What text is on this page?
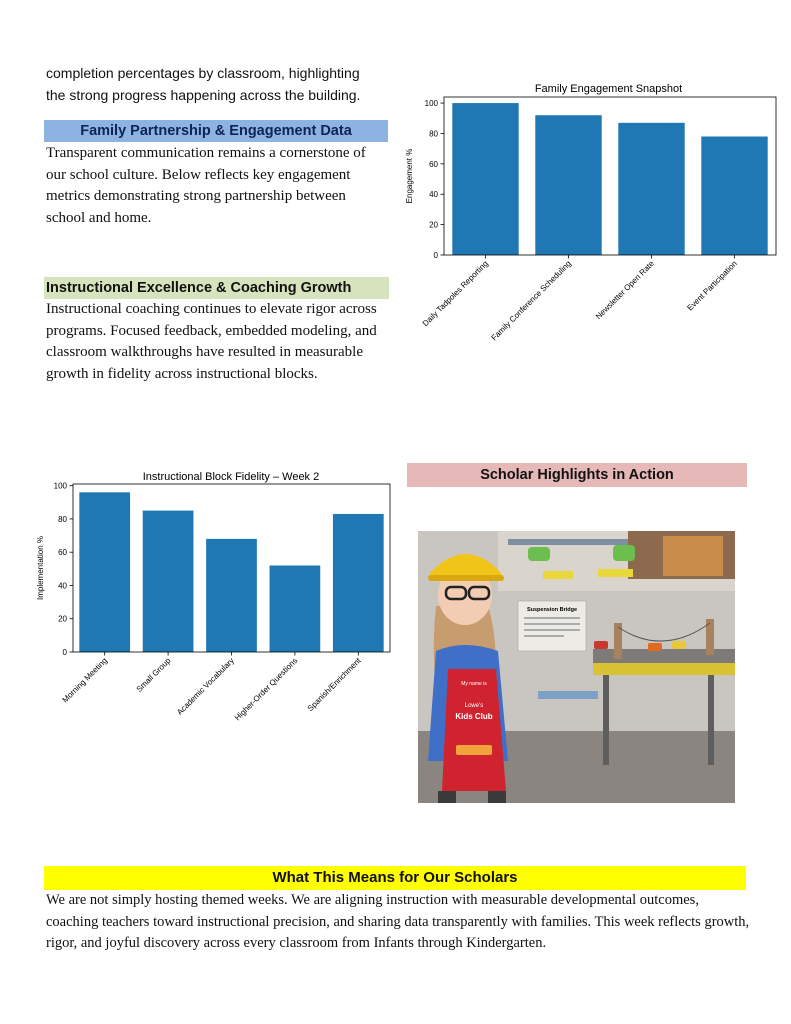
completion percentages by classroom, highlighting
the strong progress happening across the building.
Family Partnership & Engagement Data
Transparent communication remains a cornerstone of our school culture. Below reflects key engagement metrics demonstrating strong partnership between school and home.
Instructional Excellence & Coaching Growth
Instructional coaching continues to elevate rigor across programs. Focused feedback, embedded modeling, and classroom walkthroughs have resulted in measurable growth in fidelity across instructional blocks.
Family Engagement Snapshot
Engagement %
Daily Tadpoles Reporting Family Conference Scheduling	Newsletter Open Rate	Event Participation
0
20
40
60
80
100
Instructional Block Fidelity – Week 2
Implementation %
Morning Meeting	Small Group Academic Vocabulary
Higher-Order Questions Spanish/Enrichment
0
20
40
60
80
100
Scholar Highlights in Action
Suspension Bridge
My name is
Lowe's
Kids Club
What This Means for Our Scholars
We are not simply hosting themed weeks. We are aligning instruction with measurable developmental outcomes, coaching teachers toward instructional precision, and sharing data transparently with families. This week reflects growth, rigor, and joyful discovery across every classroom from Infants through Kindergarten.
